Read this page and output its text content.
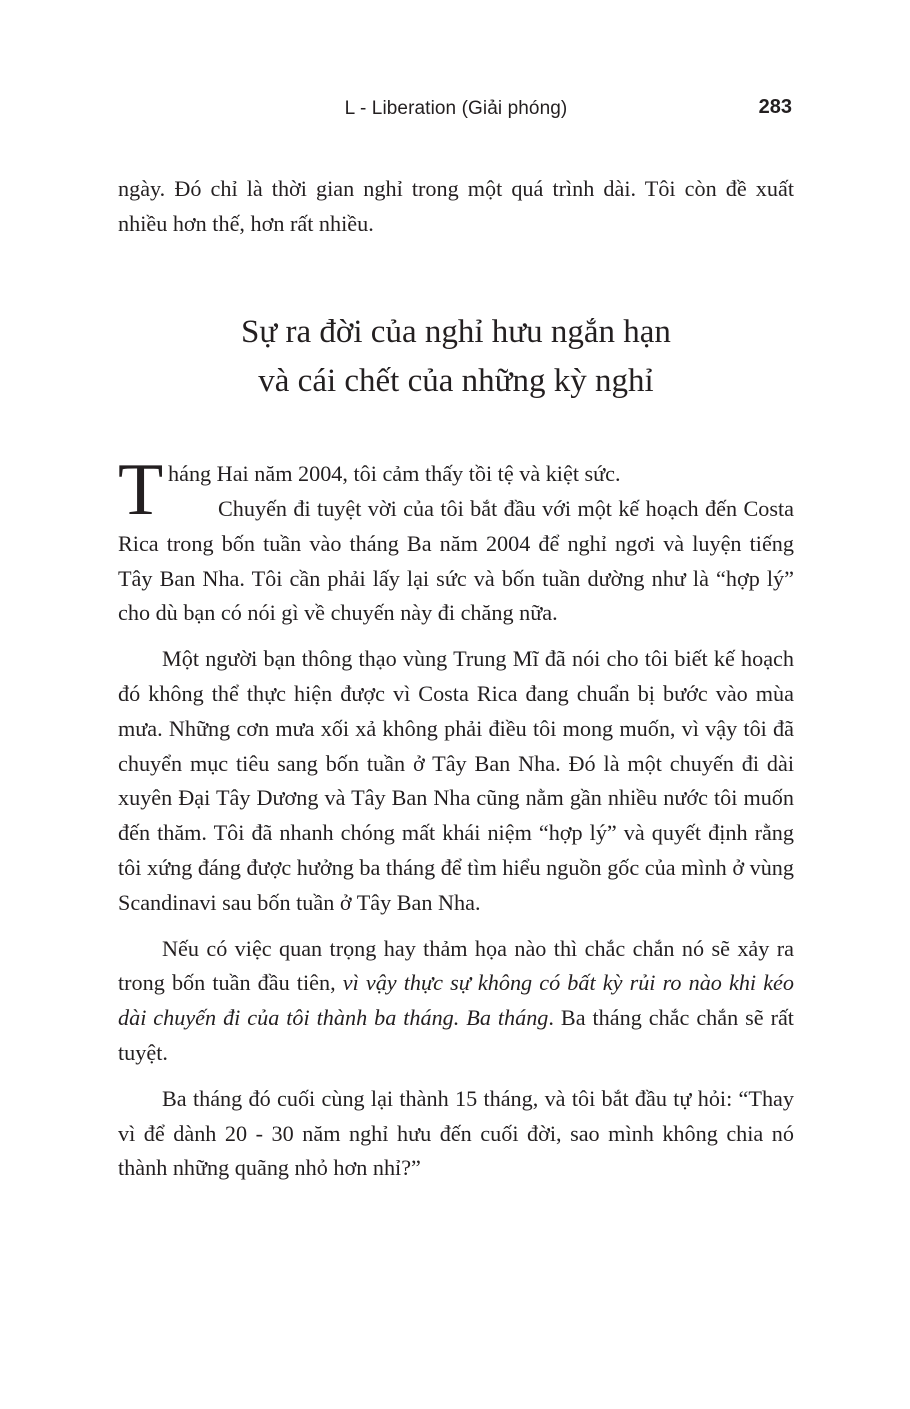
L - Liberation (Giải phóng)	283

ngày. Đó chỉ là thời gian nghỉ trong một quá trình dài. Tôi còn đề xuất nhiều hơn thế, hơn rất nhiều.

Sự ra đời của nghỉ hưu ngắn hạn
và cái chết của những kỳ nghỉ
T háng Hai năm 2004, tôi cảm thấy tồi tệ và kiệt sức.

Chuyến đi tuyệt vời của tôi bắt đầu với một kế hoạch đến Costa Rica trong bốn tuần vào tháng Ba năm 2004 để nghỉ ngơi và luyện tiếng Tây Ban Nha. Tôi cần phải lấy lại sức và bốn tuần dường như là “hợp lý” cho dù bạn có nói gì về chuyến này đi chăng nữa.

Một người bạn thông thạo vùng Trung Mĩ đã nói cho tôi biết kế hoạch đó không thể thực hiện được vì Costa Rica đang chuẩn bị bước vào mùa mưa. Những cơn mưa xối xả không phải điều tôi mong muốn, vì vậy tôi đã chuyển mục tiêu sang bốn tuần ở Tây Ban Nha. Đó là một chuyến đi dài xuyên Đại Tây Dương và Tây Ban Nha cũng nằm gần nhiều nước tôi muốn đến thăm. Tôi đã nhanh chóng mất khái niệm “hợp lý” và quyết định rằng tôi xứng đáng được hưởng ba tháng để tìm hiểu nguồn gốc của mình ở vùng Scandinavi sau bốn tuần ở Tây Ban Nha.

Nếu có việc quan trọng hay thảm họa nào thì chắc chắn nó sẽ xảy ra trong bốn tuần đầu tiên, vì vậy thực sự không có bất kỳ rủi ro nào khi kéo dài chuyến đi của tôi thành ba tháng. Ba tháng. Ba tháng chắc chắn sẽ rất tuyệt.

Ba tháng đó cuối cùng lại thành 15 tháng, và tôi bắt đầu tự hỏi: “Thay vì để dành 20 - 30 năm nghỉ hưu đến cuối đời, sao mình không chia nó thành những quãng nhỏ hơn nhỉ?”
